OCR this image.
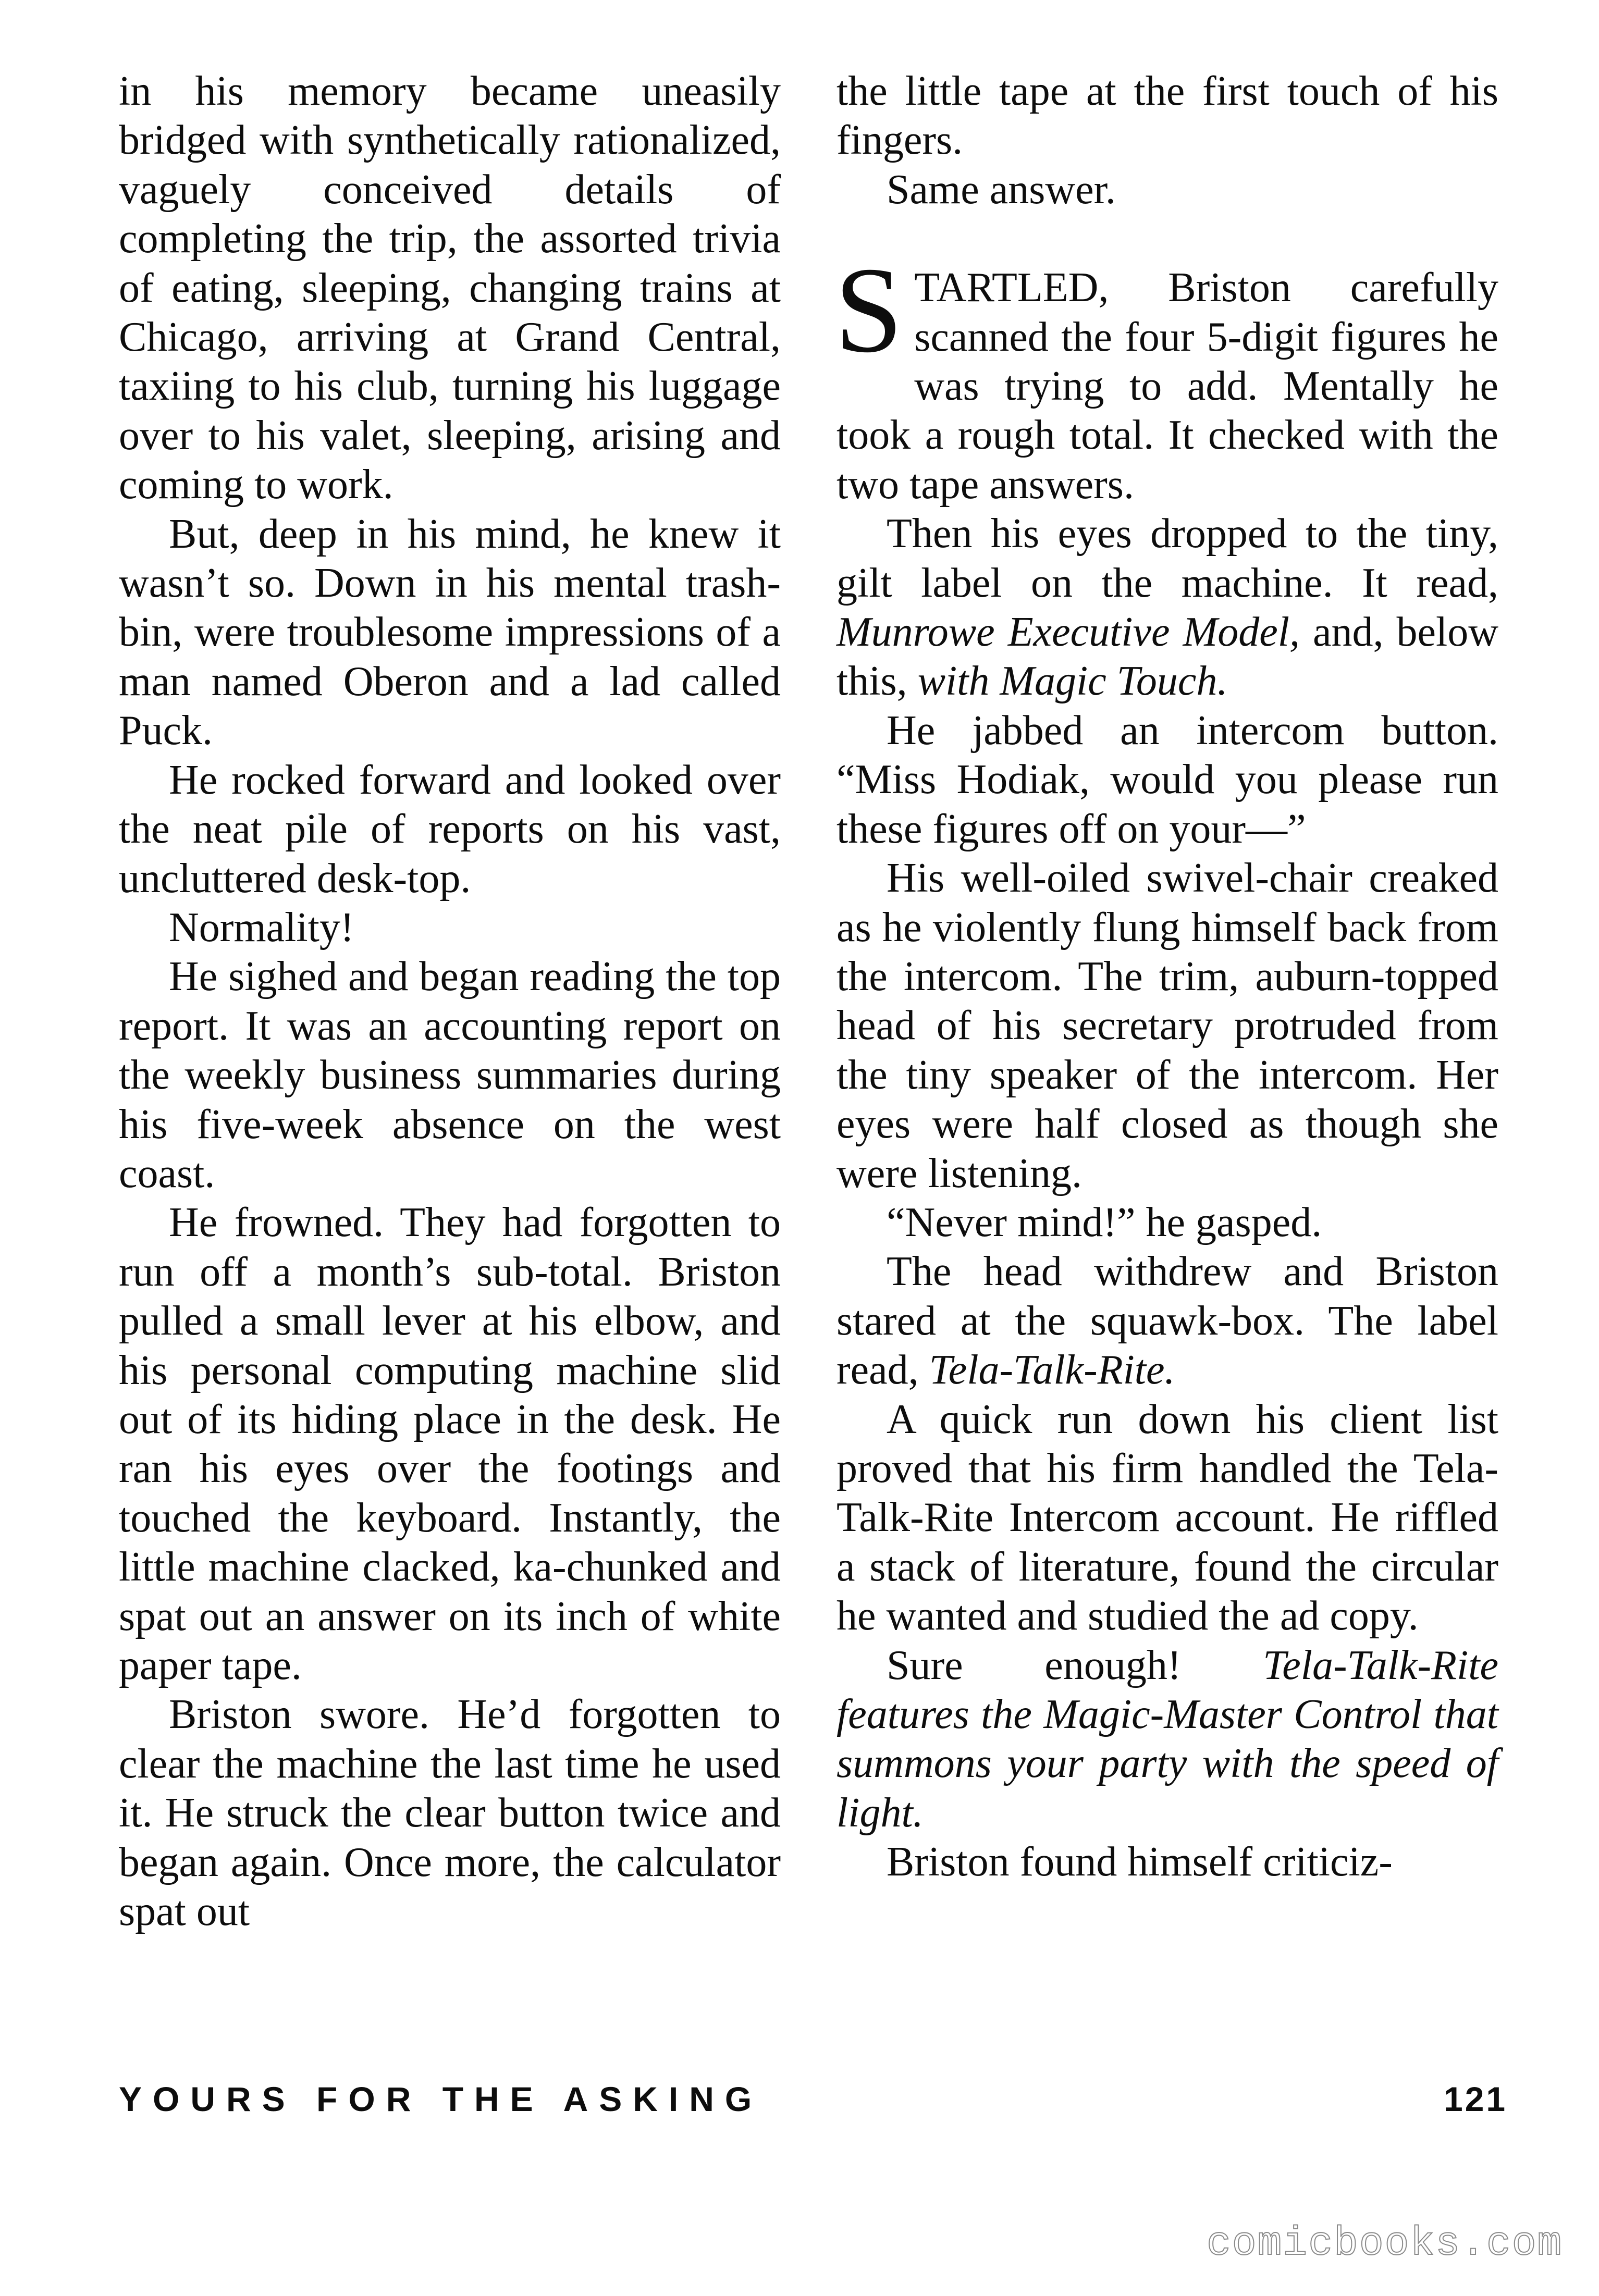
in his memory became uneasily bridged with synthetically rationalized, vaguely conceived details of completing the trip, the assorted trivia of eating, sleeping, changing trains at Chicago, arriving at Grand Central, taxiing to his club, turning his luggage over to his valet, sleeping, arising and coming to work.

But, deep in his mind, he knew it wasn’t so. Down in his mental trash-bin, were troublesome impressions of a man named Oberon and a lad called Puck.

He rocked forward and looked over the neat pile of reports on his vast, uncluttered desk-top.

Normality!

He sighed and began reading the top report. It was an accounting report on the weekly business summaries during his five-week absence on the west coast.

He frowned. They had forgotten to run off a month’s sub-total. Briston pulled a small lever at his elbow, and his personal computing machine slid out of its hiding place in the desk. He ran his eyes over the footings and touched the keyboard. Instantly, the little machine clacked, ka-chunked and spat out an answer on its inch of white paper tape.

Briston swore. He’d forgotten to clear the machine the last time he used it. He struck the clear button twice and began again. Once more, the calculator spat out

the little tape at the first touch of his fingers.

Same answer.

STARTLED, Briston carefully scanned the four 5-digit figures he was trying to add. Mentally he took a rough total. It checked with the two tape answers.

Then his eyes dropped to the tiny, gilt label on the machine. It read, Munrowe Executive Model, and, below this, with Magic Touch.

He jabbed an intercom button. “Miss Hodiak, would you please run these figures off on your—”

His well-oiled swivel-chair creaked as he violently flung himself back from the intercom. The trim, auburn-topped head of his secretary protruded from the tiny speaker of the intercom. Her eyes were half closed as though she were listening.

“Never mind!” he gasped.

The head withdrew and Briston stared at the squawk-box. The label read, Tela-Talk-Rite.

A quick run down his client list proved that his firm handled the Tela-Talk-Rite Intercom account. He riffled a stack of literature, found the circular he wanted and studied the ad copy.

Sure enough! Tela-Talk-Rite features the Magic-Master Control that summons your party with the speed of light.

Briston found himself criticiz-

YOURS FOR THE ASKING	121
comicbooks.com
